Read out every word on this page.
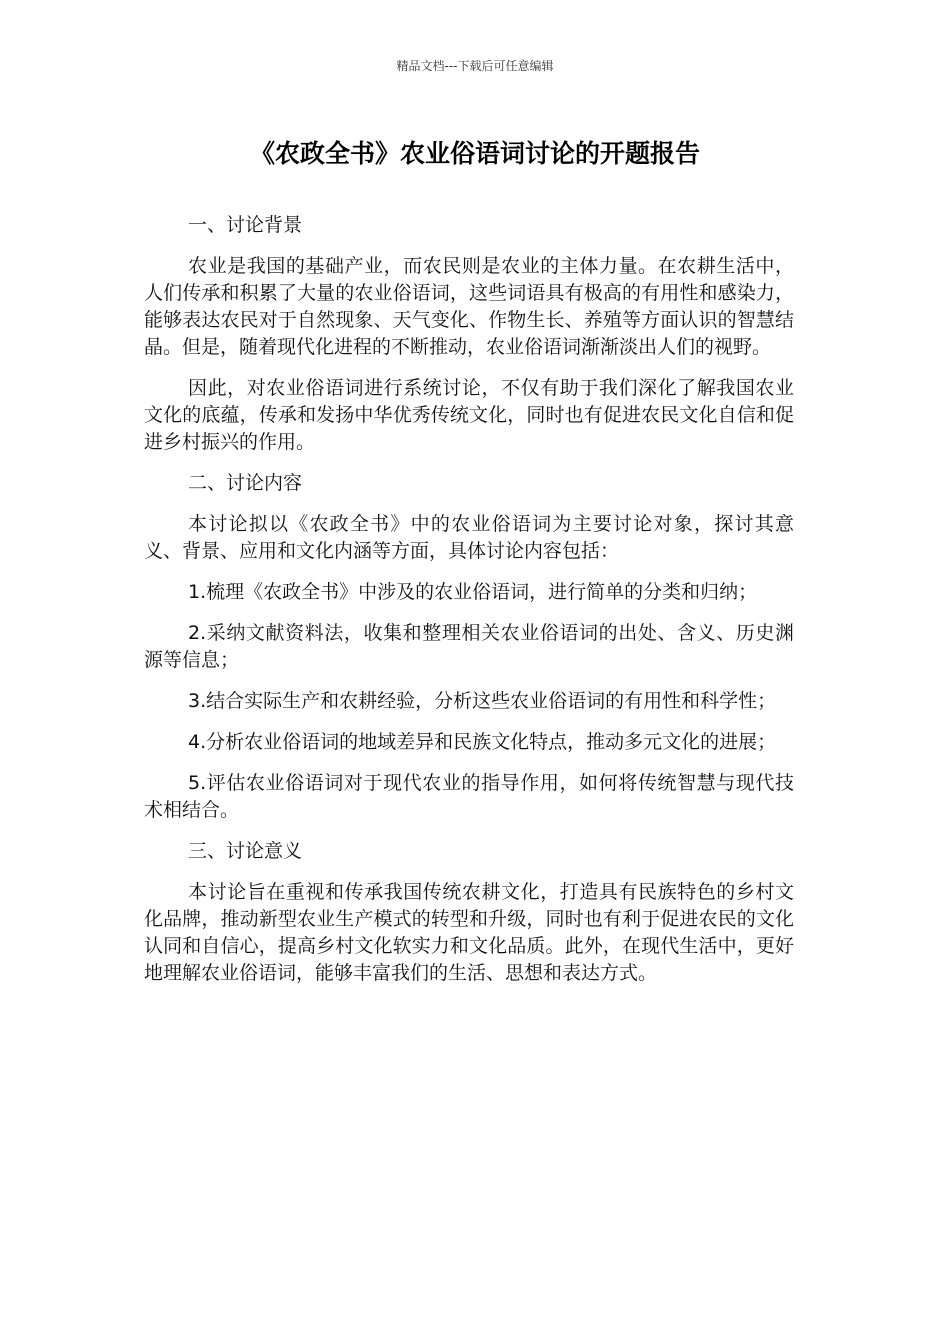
精品文档---下载后可任意编辑
《农政全书》农业俗语词讨论的开题报告

一、讨论背景

农业是我国的基础产业，而农民则是农业的主体力量。在农耕生活中，人们传承和积累了大量的农业俗语词，这些词语具有极高的有用性和感染力，能够表达农民对于自然现象、天气变化、作物生长、养殖等方面认识的智慧结晶。但是，随着现代化进程的不断推动，农业俗语词渐渐淡出人们的视野。

因此，对农业俗语词进行系统讨论，不仅有助于我们深化了解我国农业文化的底蕴，传承和发扬中华优秀传统文化，同时也有促进农民文化自信和促进乡村振兴的作用。

二、讨论内容

本讨论拟以《农政全书》中的农业俗语词为主要讨论对象，探讨其意义、背景、应用和文化内涵等方面，具体讨论内容包括：

1.梳理《农政全书》中涉及的农业俗语词，进行简单的分类和归纳；

2.采纳文献资料法，收集和整理相关农业俗语词的出处、含义、历史渊源等信息；

3.结合实际生产和农耕经验，分析这些农业俗语词的有用性和科学性；

4.分析农业俗语词的地域差异和民族文化特点，推动多元文化的进展；

5.评估农业俗语词对于现代农业的指导作用，如何将传统智慧与现代技术相结合。

三、讨论意义

本讨论旨在重视和传承我国传统农耕文化，打造具有民族特色的乡村文化品牌，推动新型农业生产模式的转型和升级，同时也有利于促进农民的文化认同和自信心，提高乡村文化软实力和文化品质。此外，在现代生活中，更好地理解农业俗语词，能够丰富我们的生活、思想和表达方式。
